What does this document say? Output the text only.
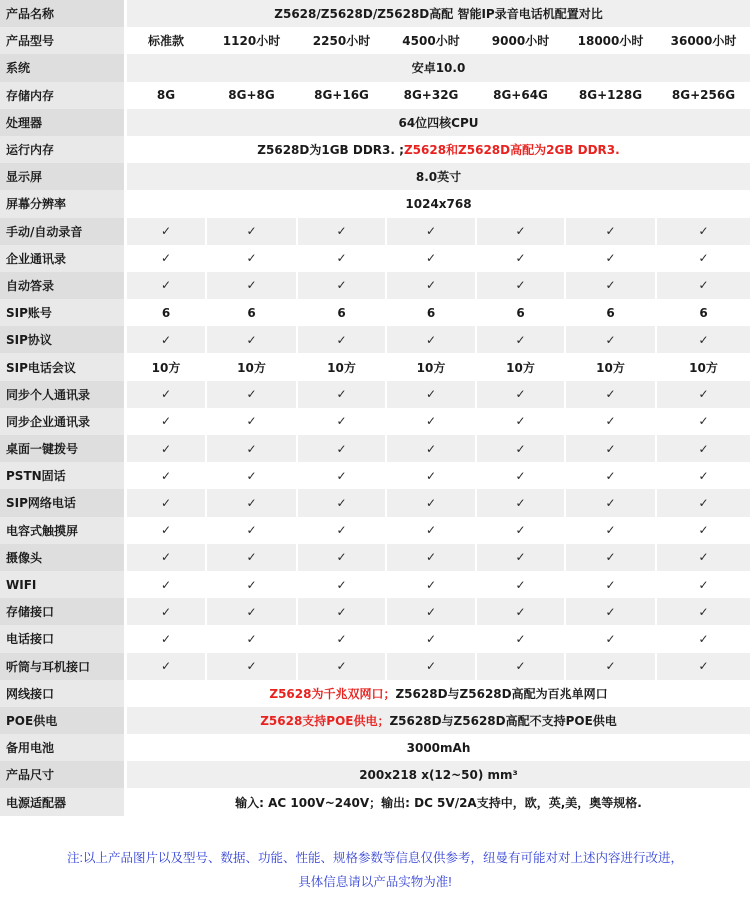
产品名称	Z5628/Z5628D/Z5628D高配 智能IP录音电话机配置对比
产品型号	标准款	1120小时	2250小时	4500小时	9000小时	18000小时	36000小时
系统	安卓10.0
存储内存	8G	8G+8G	8G+16G	8G+32G	8G+64G	8G+128G	8G+256G
处理器	64位四核CPU
运行内存	Z5628D为1GB DDR3. ; Z5628和Z5628D高配为2GB DDR3.
显示屏	8.0英寸
屏幕分辨率	1024x768
手动/自动录音	✓	✓	✓	✓	✓	✓	✓
企业通讯录	✓	✓	✓	✓	✓	✓	✓
自动答录	✓	✓	✓	✓	✓	✓	✓
SIP账号	6	6	6	6	6	6	6
SIP协议	✓	✓	✓	✓	✓	✓	✓
SIP电话会议	10方	10方	10方	10方	10方	10方	10方
同步个人通讯录	✓	✓	✓	✓	✓	✓	✓
同步企业通讯录	✓	✓	✓	✓	✓	✓	✓
桌面一键拨号	✓	✓	✓	✓	✓	✓	✓
PSTN固话	✓	✓	✓	✓	✓	✓	✓
SIP网络电话	✓	✓	✓	✓	✓	✓	✓
电容式触摸屏	✓	✓	✓	✓	✓	✓	✓
摄像头	✓	✓	✓	✓	✓	✓	✓
WIFI	✓	✓	✓	✓	✓	✓	✓
存储接口	✓	✓	✓	✓	✓	✓	✓
电话接口	✓	✓	✓	✓	✓	✓	✓
听筒与耳机接口	✓	✓	✓	✓	✓	✓	✓
网线接口	Z5628为千兆双网口； Z5628D与Z5628D高配为百兆单网口
POE供电	Z5628支持POE供电； Z5628D与Z5628D高配不支持POE供电
备用电池	3000mAh
产品尺寸	200x218 x(12~50) mm³
电源适配器	输入: AC 100V~240V；输出: DC 5V/2A支持中，欧，英,美，奥等规格.
注:以上产品图片以及型号、数据、功能、性能、规格参数等信息仅供参考，纽曼有可能对对上述内容进行改进，
具体信息请以产品实物为准!
